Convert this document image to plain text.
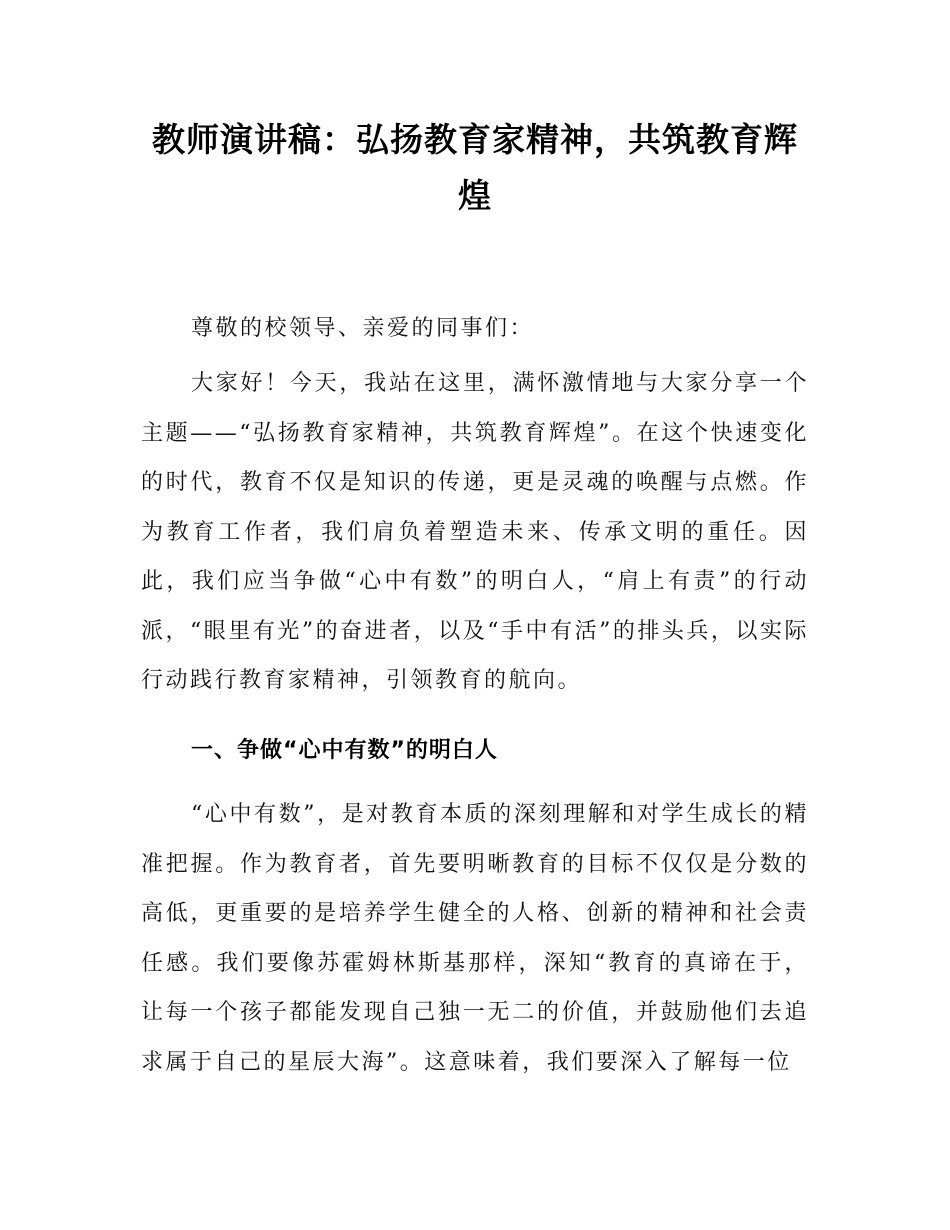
教师演讲稿：弘扬教育家精神，共筑教育辉煌

尊敬的校领导、亲爱的同事们：

大家好！今天，我站在这里，满怀激情地与大家分享一个主题——“弘扬教育家精神，共筑教育辉煌”。在这个快速变化的时代，教育不仅是知识的传递，更是灵魂的唤醒与点燃。作为教育工作者，我们肩负着塑造未来、传承文明的重任。因此，我们应当争做“心中有数”的明白人，“肩上有责”的行动派，“眼里有光”的奋进者，以及“手中有活”的排头兵，以实际行动践行教育家精神，引领教育的航向。

一、争做“心中有数”的明白人

“心中有数”，是对教育本质的深刻理解和对学生成长的精准把握。作为教育者，首先要明晰教育的目标不仅仅是分数的高低，更重要的是培养学生健全的人格、创新的精神和社会责任感。我们要像苏霍姆林斯基那样，深知“教育的真谛在于，让每一个孩子都能发现自己独一无二的价值，并鼓励他们去追求属于自己的星辰大海”。这意味着，我们要深入了解每一位
